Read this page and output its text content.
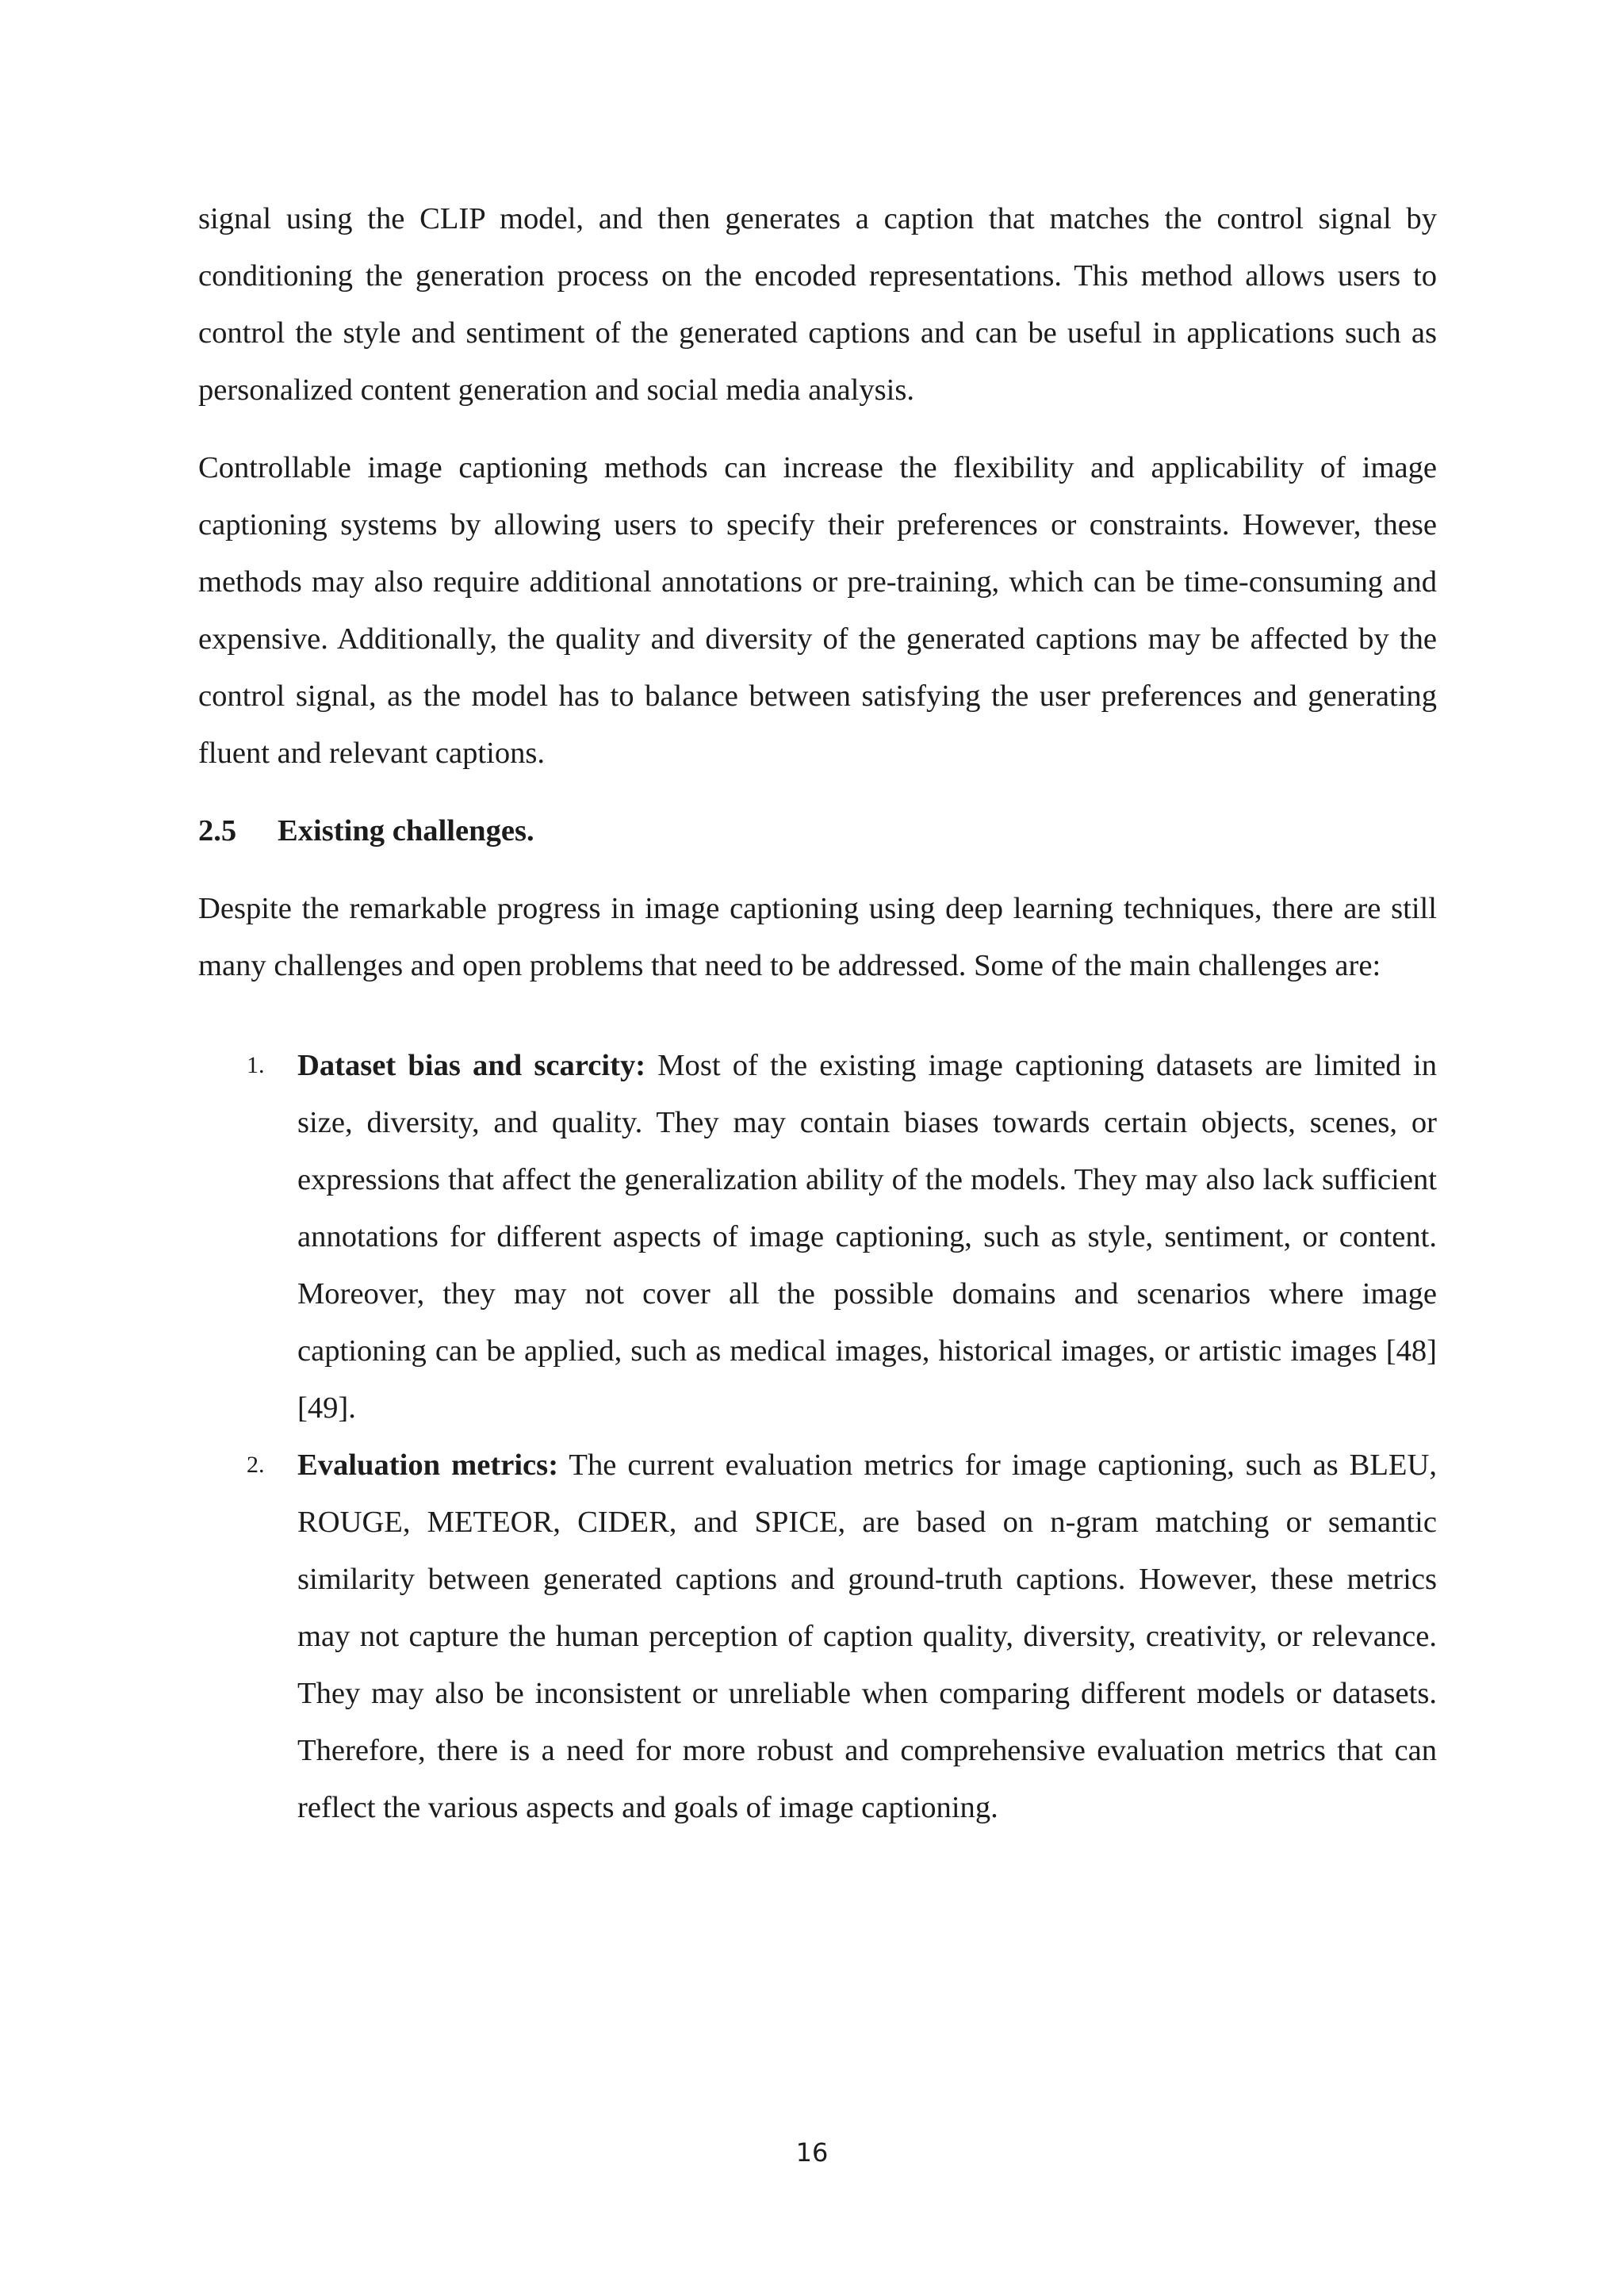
signal using the CLIP model, and then generates a caption that matches the control signal by conditioning the generation process on the encoded representations. This method allows users to control the style and sentiment of the generated captions and can be useful in applications such as personalized content generation and social media analysis.

Controllable image captioning methods can increase the flexibility and applicability of image captioning systems by allowing users to specify their preferences or constraints. However, these methods may also require additional annotations or pre-training, which can be time-consuming and expensive. Additionally, the quality and diversity of the generated captions may be affected by the control signal, as the model has to balance between satisfying the user preferences and generating fluent and relevant captions.

2.5	Existing challenges.

Despite the remarkable progress in image captioning using deep learning techniques, there are still many challenges and open problems that need to be addressed. Some of the main challenges are:

1. Dataset bias and scarcity: Most of the existing image captioning datasets are limited in size, diversity, and quality. They may contain biases towards certain objects, scenes, or expressions that affect the generalization ability of the models. They may also lack sufficient annotations for different aspects of image captioning, such as style, sentiment, or content. Moreover, they may not cover all the possible domains and scenarios where image captioning can be applied, such as medical images, historical images, or artistic images [48] [49].
2. Evaluation metrics: The current evaluation metrics for image captioning, such as BLEU, ROUGE, METEOR, CIDER, and SPICE, are based on n-gram matching or semantic similarity between generated captions and ground-truth captions. However, these metrics may not capture the human perception of caption quality, diversity, creativity, or relevance. They may also be inconsistent or unreliable when comparing different models or datasets. Therefore, there is a need for more robust and comprehensive evaluation metrics that can reflect the various aspects and goals of image captioning.
16
